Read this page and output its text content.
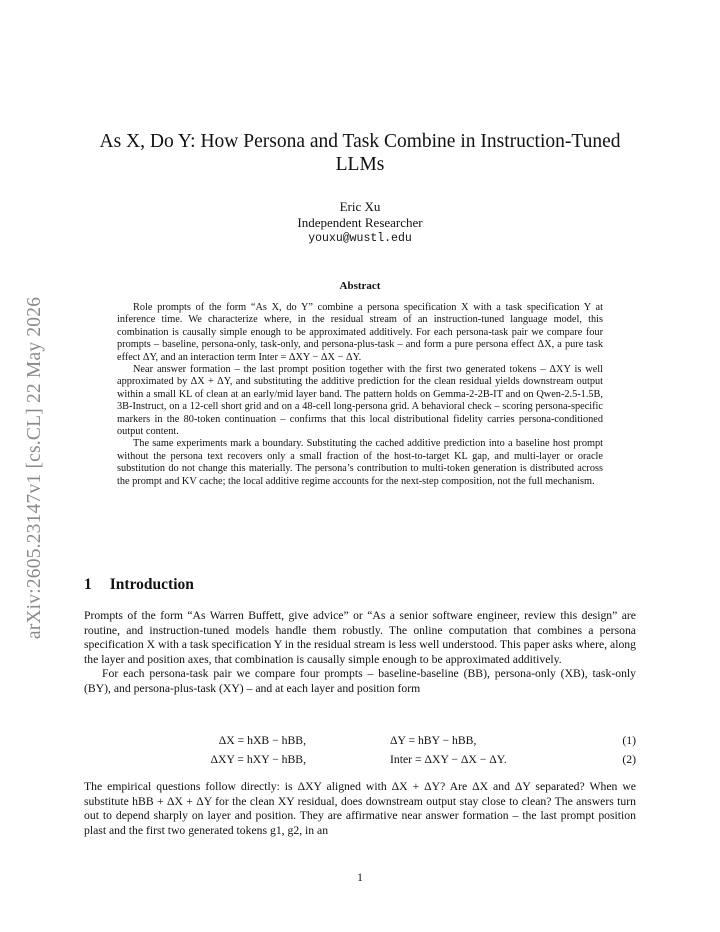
arXiv:2605.23147v1 [cs.CL] 22 May 2026
As X, Do Y: How Persona and Task Combine in Instruction-Tuned LLMs
Eric Xu
Independent Researcher
youxu@wustl.edu
Abstract

Role prompts of the form “As X, do Y” combine a persona specification X with a task specification Y at inference time. We characterize where, in the residual stream of an instruction-tuned language model, this combination is causally simple enough to be approximated additively. For each persona-task pair we compare four prompts – baseline, persona-only, task-only, and persona-plus-task – and form a pure persona effect ΔX, a pure task effect ΔY, and an interaction term Inter = ΔXY − ΔX − ΔY.

Near answer formation – the last prompt position together with the first two generated tokens – ΔXY is well approximated by ΔX + ΔY, and substituting the additive prediction for the clean residual yields downstream output within a small KL of clean at an early/mid layer band. The pattern holds on Gemma-2-2B-IT and on Qwen-2.5-1.5B, 3B-Instruct, on a 12-cell short grid and on a 48-cell long-persona grid. A behavioral check – scoring persona-specific markers in the 80-token continuation – confirms that this local distributional fidelity carries persona-conditioned output content.

The same experiments mark a boundary. Substituting the cached additive prediction into a baseline host prompt without the persona text recovers only a small fraction of the host-to-target KL gap, and multi-layer or oracle substitution do not change this materially. The persona’s contribution to multi-token generation is distributed across the prompt and KV cache; the local additive regime accounts for the next-step composition, not the full mechanism.

1 Introduction

Prompts of the form “As Warren Buffett, give advice” or “As a senior software engineer, review this design” are routine, and instruction-tuned models handle them robustly. The online computation that combines a persona specification X with a task specification Y in the residual stream is less well understood. This paper asks where, along the layer and position axes, that combination is causally simple enough to be approximated additively.

For each persona-task pair we compare four prompts – baseline-baseline (BB), persona-only (XB), task-only (BY), and persona-plus-task (XY) – and at each layer and position form

ΔX = hXB − hBB,	ΔY = hBY − hBB,	(1)
ΔXY = hXY − hBB,	Inter = ΔXY − ΔX − ΔY.	(2)

The empirical questions follow directly: is ΔXY aligned with ΔX + ΔY? Are ΔX and ΔY separated? When we substitute hBB + ΔX + ΔY for the clean XY residual, does downstream output stay close to clean? The answers turn out to depend sharply on layer and position. They are affirmative near answer formation – the last prompt position plast and the first two generated tokens g1, g2, in an

1
